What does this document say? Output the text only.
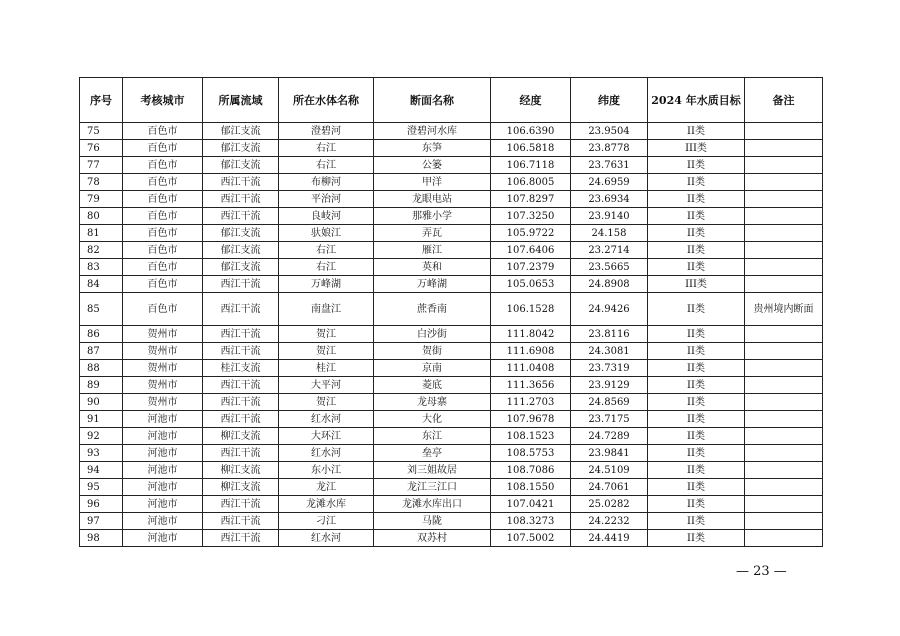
序号	考核城市	所属流域	所在水体名称	断面名称	经度	纬度	2024 年水质目标	备注
75	百色市	郁江支流	澄碧河	澄碧河水库	106.6390	23.9504	II类	
76	百色市	郁江支流	右江	东笋	106.5818	23.8778	III类	
77	百色市	郁江支流	右江	公篓	106.7118	23.7631	II类	
78	百色市	西江干流	布柳河	甲洋	106.8005	24.6959	II类	
79	百色市	西江干流	平治河	龙眼电站	107.8297	23.6934	II类	
80	百色市	西江干流	良岐河	那雅小学	107.3250	23.9140	II类	
81	百色市	郁江支流	驮娘江	弄瓦	105.9722	24.158	II类	
82	百色市	郁江支流	右江	雁江	107.6406	23.2714	II类	
83	百色市	郁江支流	右江	英和	107.2379	23.5665	II类	
84	百色市	西江干流	万峰湖	万峰湖	105.0653	24.8908	III类	
85	百色市	西江干流	南盘江	蔗香南	106.1528	24.9426	II类	贵州境内断面
86	贺州市	西江干流	贺江	白沙街	111.8042	23.8116	II类	
87	贺州市	西江干流	贺江	贺街	111.6908	24.3081	II类	
88	贺州市	桂江支流	桂江	京南	111.0408	23.7319	II类	
89	贺州市	西江干流	大平河	菱底	111.3656	23.9129	II类	
90	贺州市	西江干流	贺江	龙母寨	111.2703	24.8569	II类	
91	河池市	西江干流	红水河	大化	107.9678	23.7175	II类	
92	河池市	柳江支流	大环江	东江	108.1523	24.7289	II类	
93	河池市	西江干流	红水河	垒亭	108.5753	23.9841	II类	
94	河池市	柳江支流	东小江	刘三姐故居	108.7086	24.5109	II类	
95	河池市	柳江支流	龙江	龙江三江口	108.1550	24.7061	II类	
96	河池市	西江干流	龙滩水库	龙滩水库出口	107.0421	25.0282	II类	
97	河池市	西江干流	刁江	马陇	108.3273	24.2232	II类	
98	河池市	西江干流	红水河	双苏村	107.5002	24.4419	II类	
— 23 —
